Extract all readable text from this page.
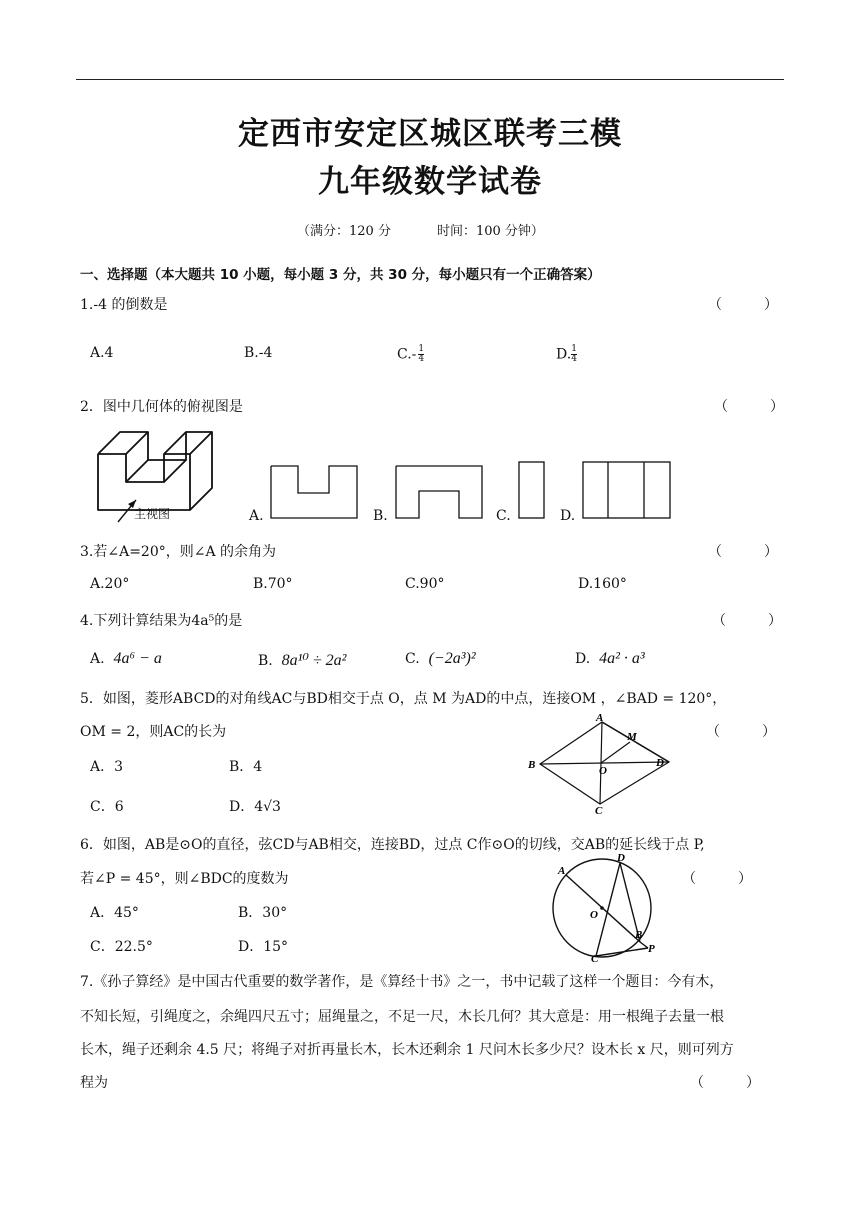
定西市安定区城区联考三模
九年级数学试卷
（满分：120 分	时间：100 分钟）
一、选择题（本大题共 10 小题，每小题 3 分，共 30 分，每小题只有一个正确答案）
1.-4 的倒数是	（　　　）
A.4	B.-4	$C.- \frac{1}{4}$	D. $\frac{1}{4}$
2．图中几何体的俯视图是	（　　　）
主视图	A.	B.	C.	D.
3.若∠A=20°，则∠A 的余角为	（　　　）
A.20°	B.70°	C.90°	D.160°
4.下列计算结果为4a⁵的是	（　　　）
A. 4a⁶ − a	B. 8a¹⁰ ÷ 2a²	C. (−2a³)²	D. 4a² · a³
5．如图，菱形ABCD的对角线AC与BD相交于点 O，点 M 为AD的中点，连接OM ，∠BAD = 120°，
OM = 2，则AC的长为	（　　　）
A．3	B．4
C．6	D．4√3
A
B
C
D
M
O
6．如图，AB是⊙O的直径，弦CD与AB相交，连接BD，过点 C作⊙O的切线，交AB的延长线于点 P,
若∠P = 45°，则∠BDC的度数为	（　　　）
A．45°	B．30°
C．22.5°	D．15°
A
D
O
B
P
C
7.《孙子算经》是中国古代重要的数学著作，是《算经十书》之一，书中记载了这样一个题目：今有木，
不知长短，引绳度之，余绳四尺五寸；屈绳量之，不足一尺，木长几何？其大意是：用一根绳子去量一根
长木，绳子还剩余 4.5 尺；将绳子对折再量长木，长木还剩余 1 尺问木长多少尺？设木长 x 尺，则可列方
程为	（　　　）
